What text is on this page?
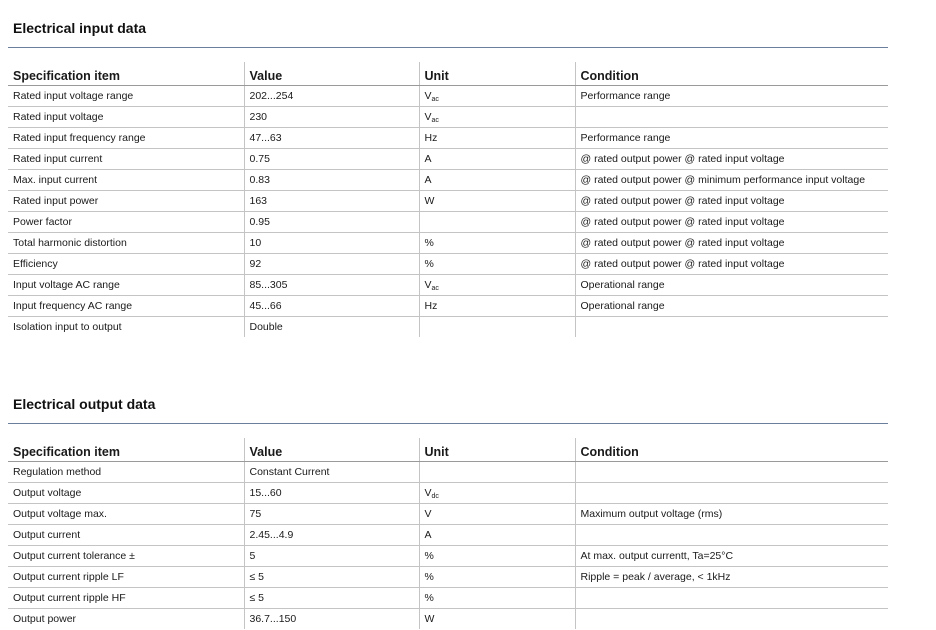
Electrical input data
Specification item	Value	Unit	Condition
Rated input voltage range	202...254	$V_{ac}$	Performance range
Rated input voltage	230	$V_{ac}$	
Rated input frequency range	47...63	Hz	Performance range
Rated input current	0.75	A	@ rated output power @ rated input voltage
Max. input current	0.83	A	@ rated output power @ minimum performance input voltage
Rated input power	163	W	@ rated output power @ rated input voltage
Power factor	0.95		@ rated output power @ rated input voltage
Total harmonic distortion	10	%	@ rated output power @ rated input voltage
Efficiency	92	%	@ rated output power @ rated input voltage
Input voltage AC range	85...305	$V_{ac}$	Operational range
Input frequency AC range	45...66	Hz	Operational range
Isolation input to output	Double		
Electrical output data
Specification item	Value	Unit	Condition
Regulation method	Constant Current		
Output voltage	15...60	$V_{dc}$	
Output voltage max.	75	V	Maximum output voltage (rms)
Output current	2.45...4.9	A	
Output current tolerance ±	5	%	At max. output currentt, Ta=25°C
Output current ripple LF	≤ 5	%	Ripple = peak / average, < 1kHz
Output current ripple HF	≤ 5	%	
Output power	36.7...150	W	
